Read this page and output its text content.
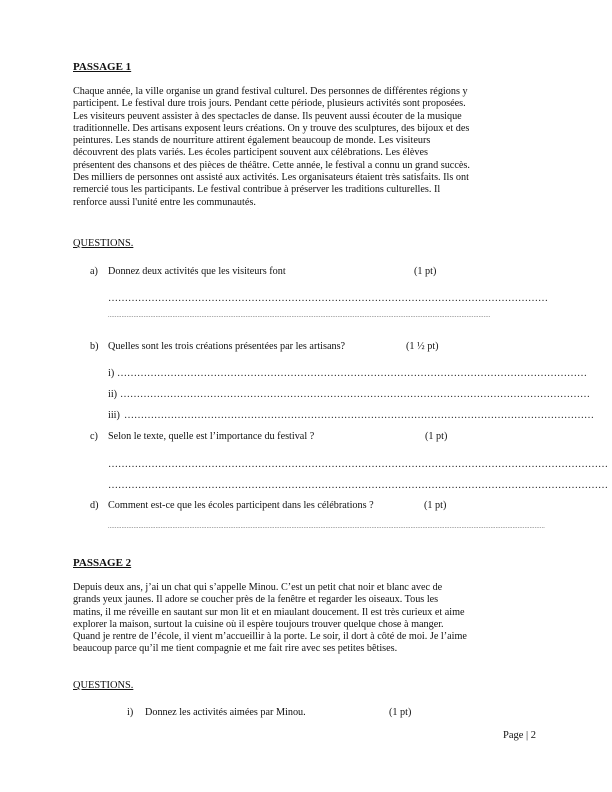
PASSAGE 1
Chaque année, la ville organise un grand festival culturel. Des personnes de différentes régions y
participent. Le festival dure trois jours. Pendant cette période, plusieurs activités sont proposées.
Les visiteurs peuvent assister à des spectacles de danse. Ils peuvent aussi écouter de la musique
traditionnelle. Des artisans exposent leurs créations. On y trouve des sculptures, des bijoux et des
peintures. Les stands de nourriture attirent également beaucoup de monde. Les visiteurs
découvrent des plats variés. Les écoles participent souvent aux célébrations. Les élèves
présentent des chansons et des pièces de théâtre. Cette année, le festival a connu un grand succès.
Des milliers de personnes ont assisté aux activités. Les organisateurs étaient très satisfaits. Ils ont
remercié tous les participants. Le festival contribue à préserver les traditions culturelles. Il
renforce aussi l'unité entre les communautés.
QUESTIONS.
a) Donnez deux activités que les visiteurs font	(1 pt)
……………………………………………………………………………………………………………………
.................................................................................................................................................................................................................................
b) Quelles sont les trois créations présentées par les artisans?	(1 ½ pt)
i) ……………………………………………………………………………………………………………………………
ii) ……………………………………………………………………………………………………………………………
iii) ……………………………………………………………………………………………………………………………
c) Selon le texte, quelle est l’importance du festival ?	(1 pt)
……………………………………………………………………………………………………………………………………
……………………………………………………………………………………………………………………………………
d) Comment est-ce que les écoles participent dans les célébrations ?	(1 pt)
.................................................................................................................................................................................................................................................................
PASSAGE 2
Depuis deux ans, j’ai un chat qui s’appelle Minou. C’est un petit chat noir et blanc avec de
grands yeux jaunes. Il adore se coucher près de la fenêtre et regarder les oiseaux. Tous les
matins, il me réveille en sautant sur mon lit et en miaulant doucement. Il est très curieux et aime
explorer la maison, surtout la cuisine où il espère toujours trouver quelque chose à manger.
Quand je rentre de l’école, il vient m’accueillir à la porte. Le soir, il dort à côté de moi. Je l’aime
beaucoup parce qu’il me tient compagnie et me fait rire avec ses petites bêtises.
QUESTIONS.
i) Donnez les activités aimées par Minou.	(1 pt)
Page | 2
